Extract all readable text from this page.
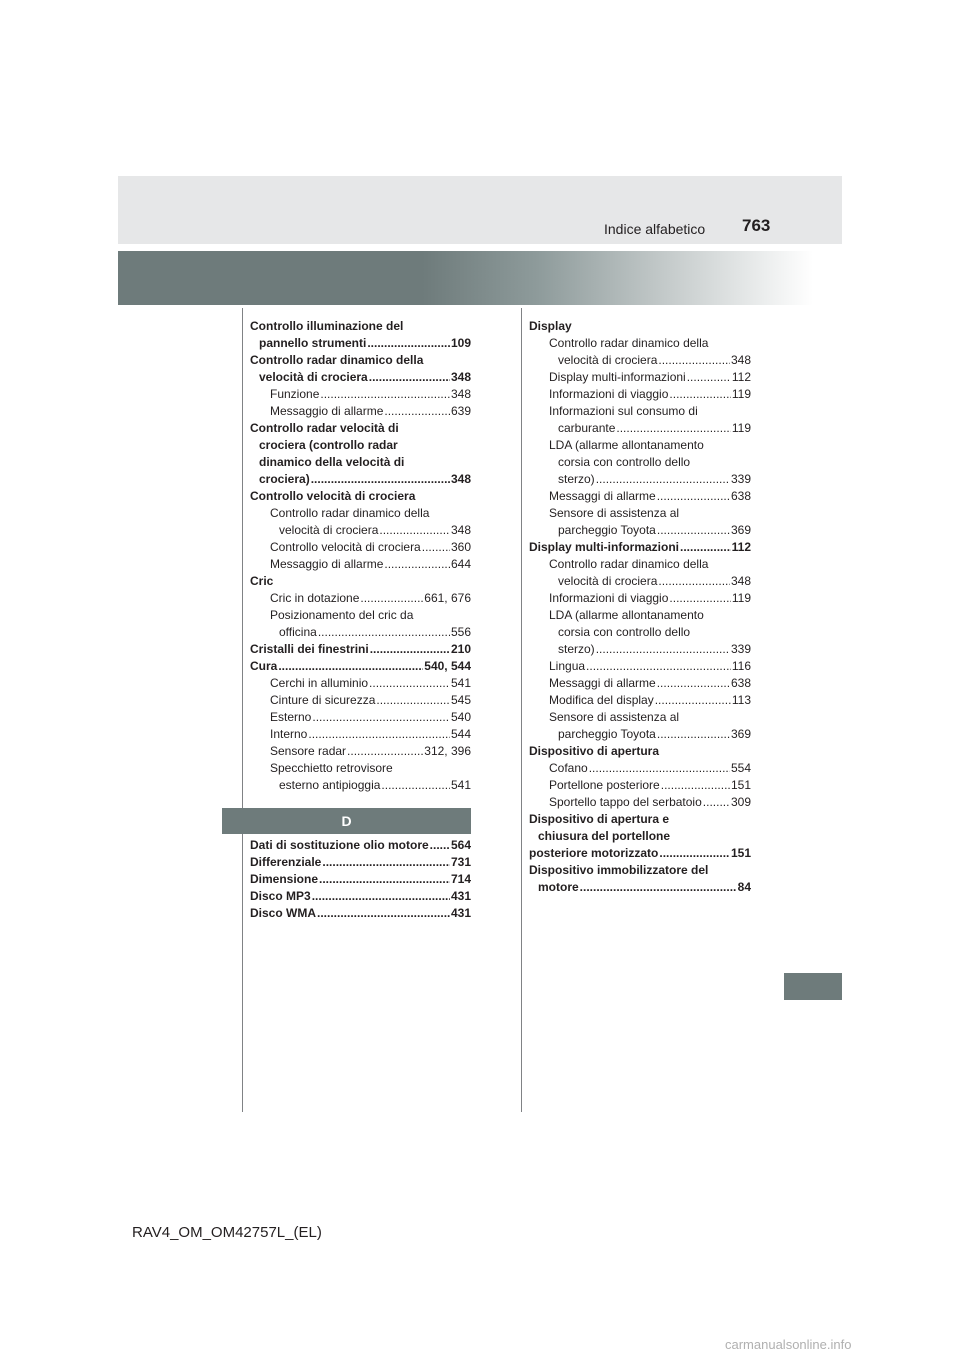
Indice alfabetico 763
Controllo illuminazione del
pannello strumenti .....	109
Controllo radar dinamico della
velocità di crociera .....	348
Funzione .....	348
Messaggio di allarme .....	639
Controllo radar velocità di
crociera (controllo radar
dinamico della velocità di
crociera) .....	348
Controllo velocità di crociera
Controllo radar dinamico della
velocità di crociera .....	348
Controllo velocità di crociera .....	360
Messaggio di allarme .....	644
Cric
Cric in dotazione .....	661, 676
Posizionamento del cric da
officina .....	556
Cristalli dei finestrini .....	210
Cura .....	540, 544
Cerchi in alluminio .....	541
Cinture di sicurezza .....	545
Esterno .....	540
Interno .....	544
Sensore radar .....	312, 396
Specchietto retrovisore
esterno antipioggia .....	541
D
Dati di sostituzione olio motore ..... 564
Differenziale .....	731
Dimensione .....	714
Disco MP3 .....	431
Disco WMA .....	431
Display
Controllo radar dinamico della
velocità di crociera .....	348
Display multi-informazioni .....	112
Informazioni di viaggio .....	119
Informazioni sul consumo di
carburante .....	119
LDA (allarme allontanamento
corsia con controllo dello
sterzo) .....	339
Messaggi di allarme .....	638
Sensore di assistenza al
parcheggio Toyota .....	369
Display multi-informazioni .....	112
Controllo radar dinamico della
velocità di crociera .....	348
Informazioni di viaggio .....	119
LDA (allarme allontanamento
corsia con controllo dello
sterzo) .....	339
Lingua .....	116
Messaggi di allarme .....	638
Modifica del display .....	113
Sensore di assistenza al
parcheggio Toyota .....	369
Dispositivo di apertura
Cofano .....	554
Portellone posteriore .....	151
Sportello tappo del serbatoio ..... 309
Dispositivo di apertura e
chiusura del portellone
posteriore motorizzato .....	151
Dispositivo immobilizzatore del
motore .....	84
RAV4_OM_OM42757L_(EL)
carmanualsonline.info
